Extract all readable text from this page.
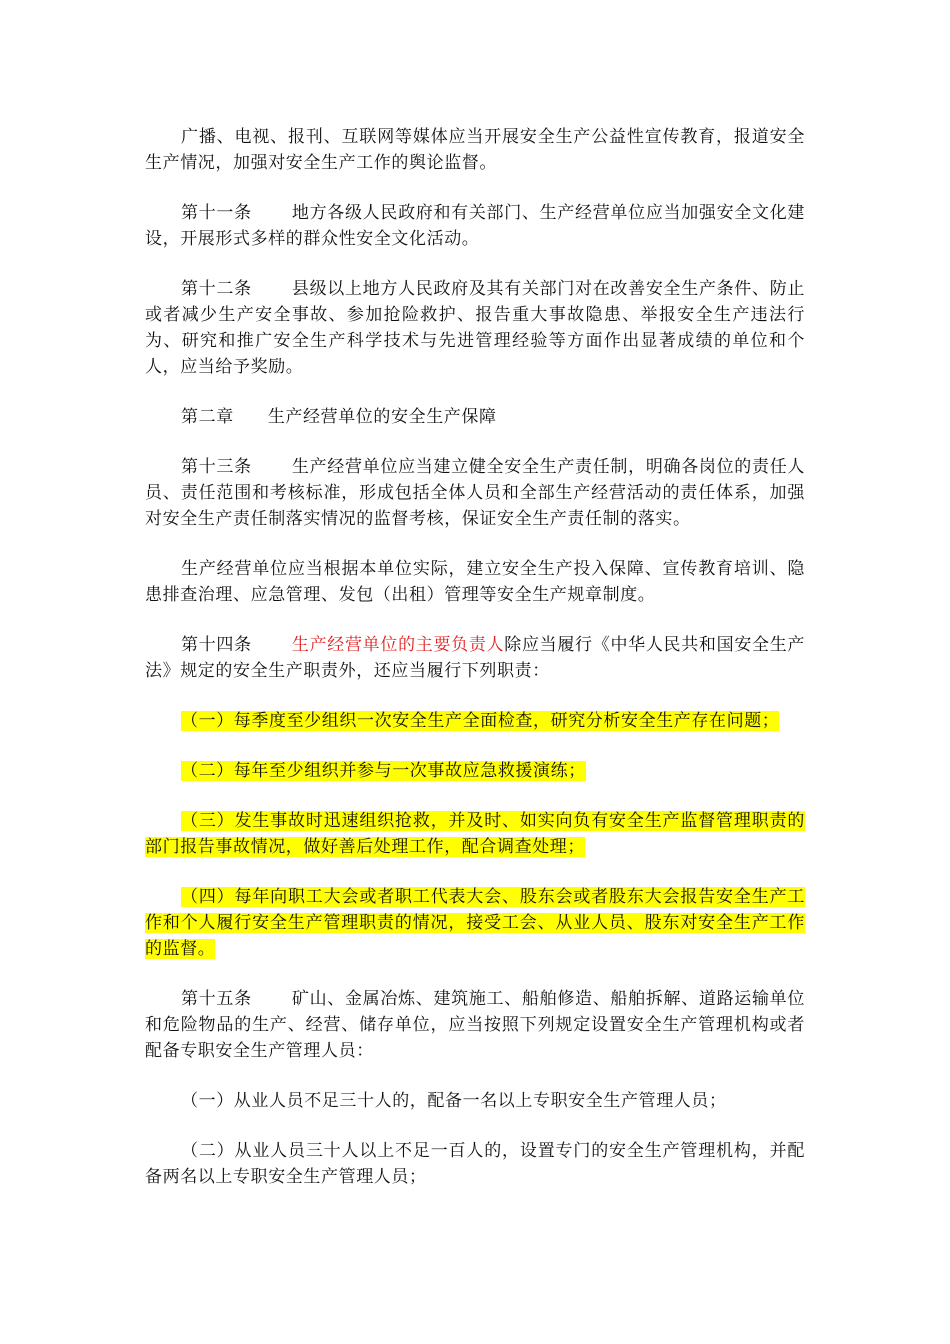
广播、电视、报刊、互联网等媒体应当开展安全生产公益性宣传教育，报道安全生产情况，加强对安全生产工作的舆论监督。

第十一条 地方各级人民政府和有关部门、生产经营单位应当加强安全文化建设，开展形式多样的群众性安全文化活动。

第十二条 县级以上地方人民政府及其有关部门对在改善安全生产条件、防止或者减少生产安全事故、参加抢险救护、报告重大事故隐患、举报安全生产违法行为、研究和推广安全生产科学技术与先进管理经验等方面作出显著成绩的单位和个人，应当给予奖励。

第二章 生产经营单位的安全生产保障

第十三条 生产经营单位应当建立健全安全生产责任制，明确各岗位的责任人员、责任范围和考核标准，形成包括全体人员和全部生产经营活动的责任体系，加强对安全生产责任制落实情况的监督考核，保证安全生产责任制的落实。

生产经营单位应当根据本单位实际，建立安全生产投入保障、宣传教育培训、隐患排查治理、应急管理、发包（出租）管理等安全生产规章制度。

第十四条 生产经营单位的主要负责人除应当履行《中华人民共和国安全生产法》规定的安全生产职责外，还应当履行下列职责：

（一）每季度至少组织一次安全生产全面检查，研究分析安全生产存在问题；

（二）每年至少组织并参与一次事故应急救援演练；

（三）发生事故时迅速组织抢救，并及时、如实向负有安全生产监督管理职责的部门报告事故情况，做好善后处理工作，配合调查处理；

（四）每年向职工大会或者职工代表大会、股东会或者股东大会报告安全生产工作和个人履行安全生产管理职责的情况，接受工会、从业人员、股东对安全生产工作的监督。

第十五条 矿山、金属冶炼、建筑施工、船舶修造、船舶拆解、道路运输单位和危险物品的生产、经营、储存单位，应当按照下列规定设置安全生产管理机构或者配备专职安全生产管理人员：

（一）从业人员不足三十人的，配备一名以上专职安全生产管理人员；

（二）从业人员三十人以上不足一百人的，设置专门的安全生产管理机构，并配备两名以上专职安全生产管理人员；
